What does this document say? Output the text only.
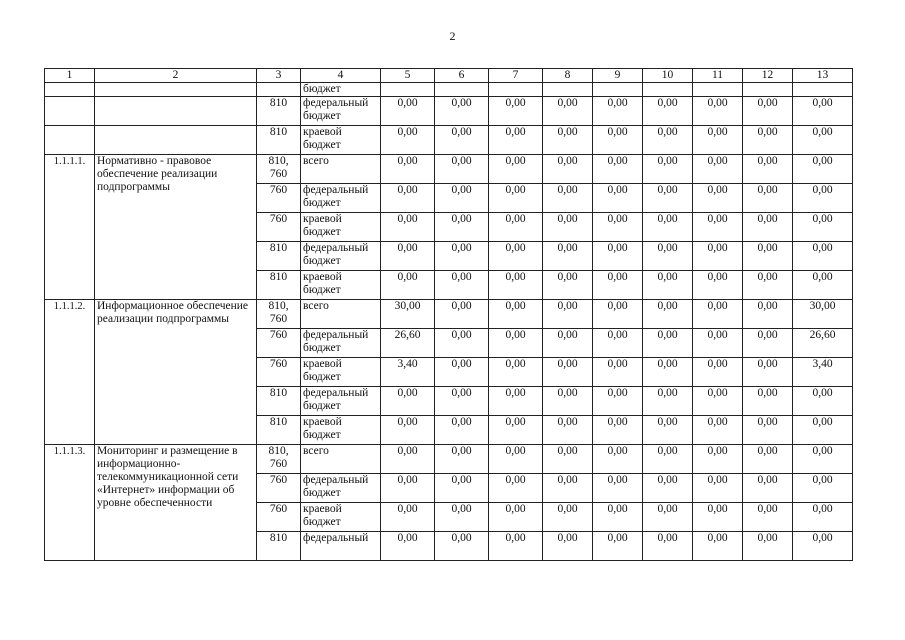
2
1	2	3	4	5	6	7	8	9	10	11	12	13
			бюджет									
		810	федеральный бюджет	0,00	0,00	0,00	0,00	0,00	0,00	0,00	0,00	0,00
		810	краевой бюджет	0,00	0,00	0,00	0,00	0,00	0,00	0,00	0,00	0,00
1.1.1.1.	Нормативно - правовое обеспечение реализации подпрограммы	810, 760	всего	0,00	0,00	0,00	0,00	0,00	0,00	0,00	0,00	0,00
		760	федеральный бюджет	0,00	0,00	0,00	0,00	0,00	0,00	0,00	0,00	0,00
		760	краевой бюджет	0,00	0,00	0,00	0,00	0,00	0,00	0,00	0,00	0,00
		810	федеральный бюджет	0,00	0,00	0,00	0,00	0,00	0,00	0,00	0,00	0,00
		810	краевой бюджет	0,00	0,00	0,00	0,00	0,00	0,00	0,00	0,00	0,00
1.1.1.2.	Информационное обеспечение реализации подпрограммы	810, 760	всего	30,00	0,00	0,00	0,00	0,00	0,00	0,00	0,00	30,00
		760	федеральный бюджет	26,60	0,00	0,00	0,00	0,00	0,00	0,00	0,00	26,60
		760	краевой бюджет	3,40	0,00	0,00	0,00	0,00	0,00	0,00	0,00	3,40
		810	федеральный бюджет	0,00	0,00	0,00	0,00	0,00	0,00	0,00	0,00	0,00
		810	краевой бюджет	0,00	0,00	0,00	0,00	0,00	0,00	0,00	0,00	0,00
1.1.1.3.	Мониторинг и размещение в информационно-телекоммуникационной сети «Интернет» информации об уровне обеспеченности	810, 760	всего	0,00	0,00	0,00	0,00	0,00	0,00	0,00	0,00	0,00
		760	федеральный бюджет	0,00	0,00	0,00	0,00	0,00	0,00	0,00	0,00	0,00
		760	краевой бюджет	0,00	0,00	0,00	0,00	0,00	0,00	0,00	0,00	0,00
		810	федеральный	0,00	0,00	0,00	0,00	0,00	0,00	0,00	0,00	0,00
